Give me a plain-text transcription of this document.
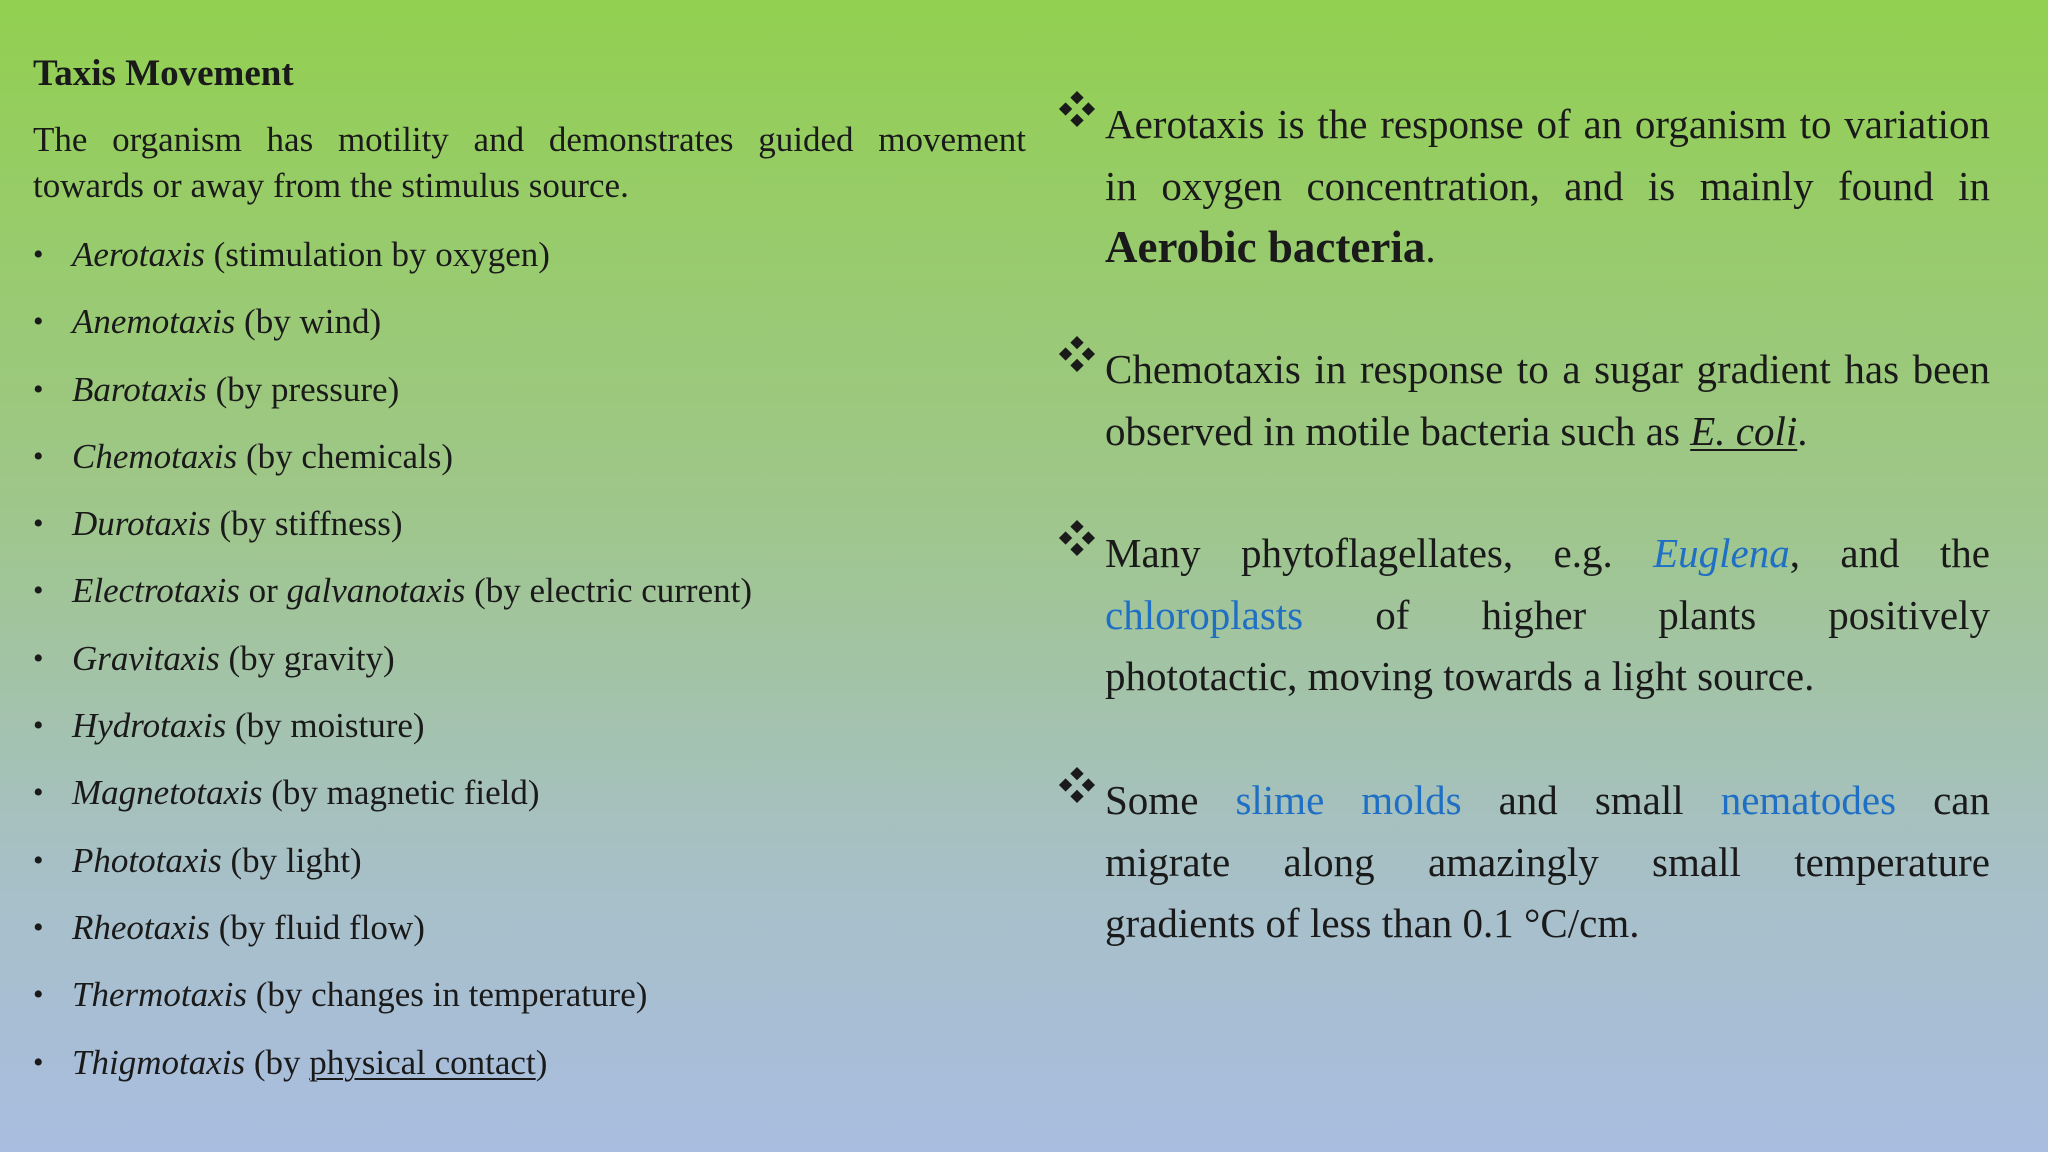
Taxis Movement

The organism has motility and demonstrates guided movement towards or away from the stimulus source.

• Aerotaxis (stimulation by oxygen)
• Anemotaxis (by wind)
• Barotaxis (by pressure)
• Chemotaxis (by chemicals)
• Durotaxis (by stiffness)
• Electrotaxis or galvanotaxis (by electric current)
• Gravitaxis (by gravity)
• Hydrotaxis (by moisture)
• Magnetotaxis (by magnetic field)
• Phototaxis (by light)
• Rheotaxis (by fluid flow)
• Thermotaxis (by changes in temperature)
• Thigmotaxis (by physical contact)

Aerotaxis is the response of an organism to variation in oxygen concentration, and is mainly found in Aerobic bacteria.

Chemotaxis in response to a sugar gradient has been observed in motile bacteria such as E. coli.

Many phytoflagellates, e.g. Euglena, and the
chloroplasts of higher plants positively
phototactic, moving towards a light source.

Some slime molds and small nematodes can
migrate along amazingly small temperature
gradients of less than 0.1 °C/cm.
